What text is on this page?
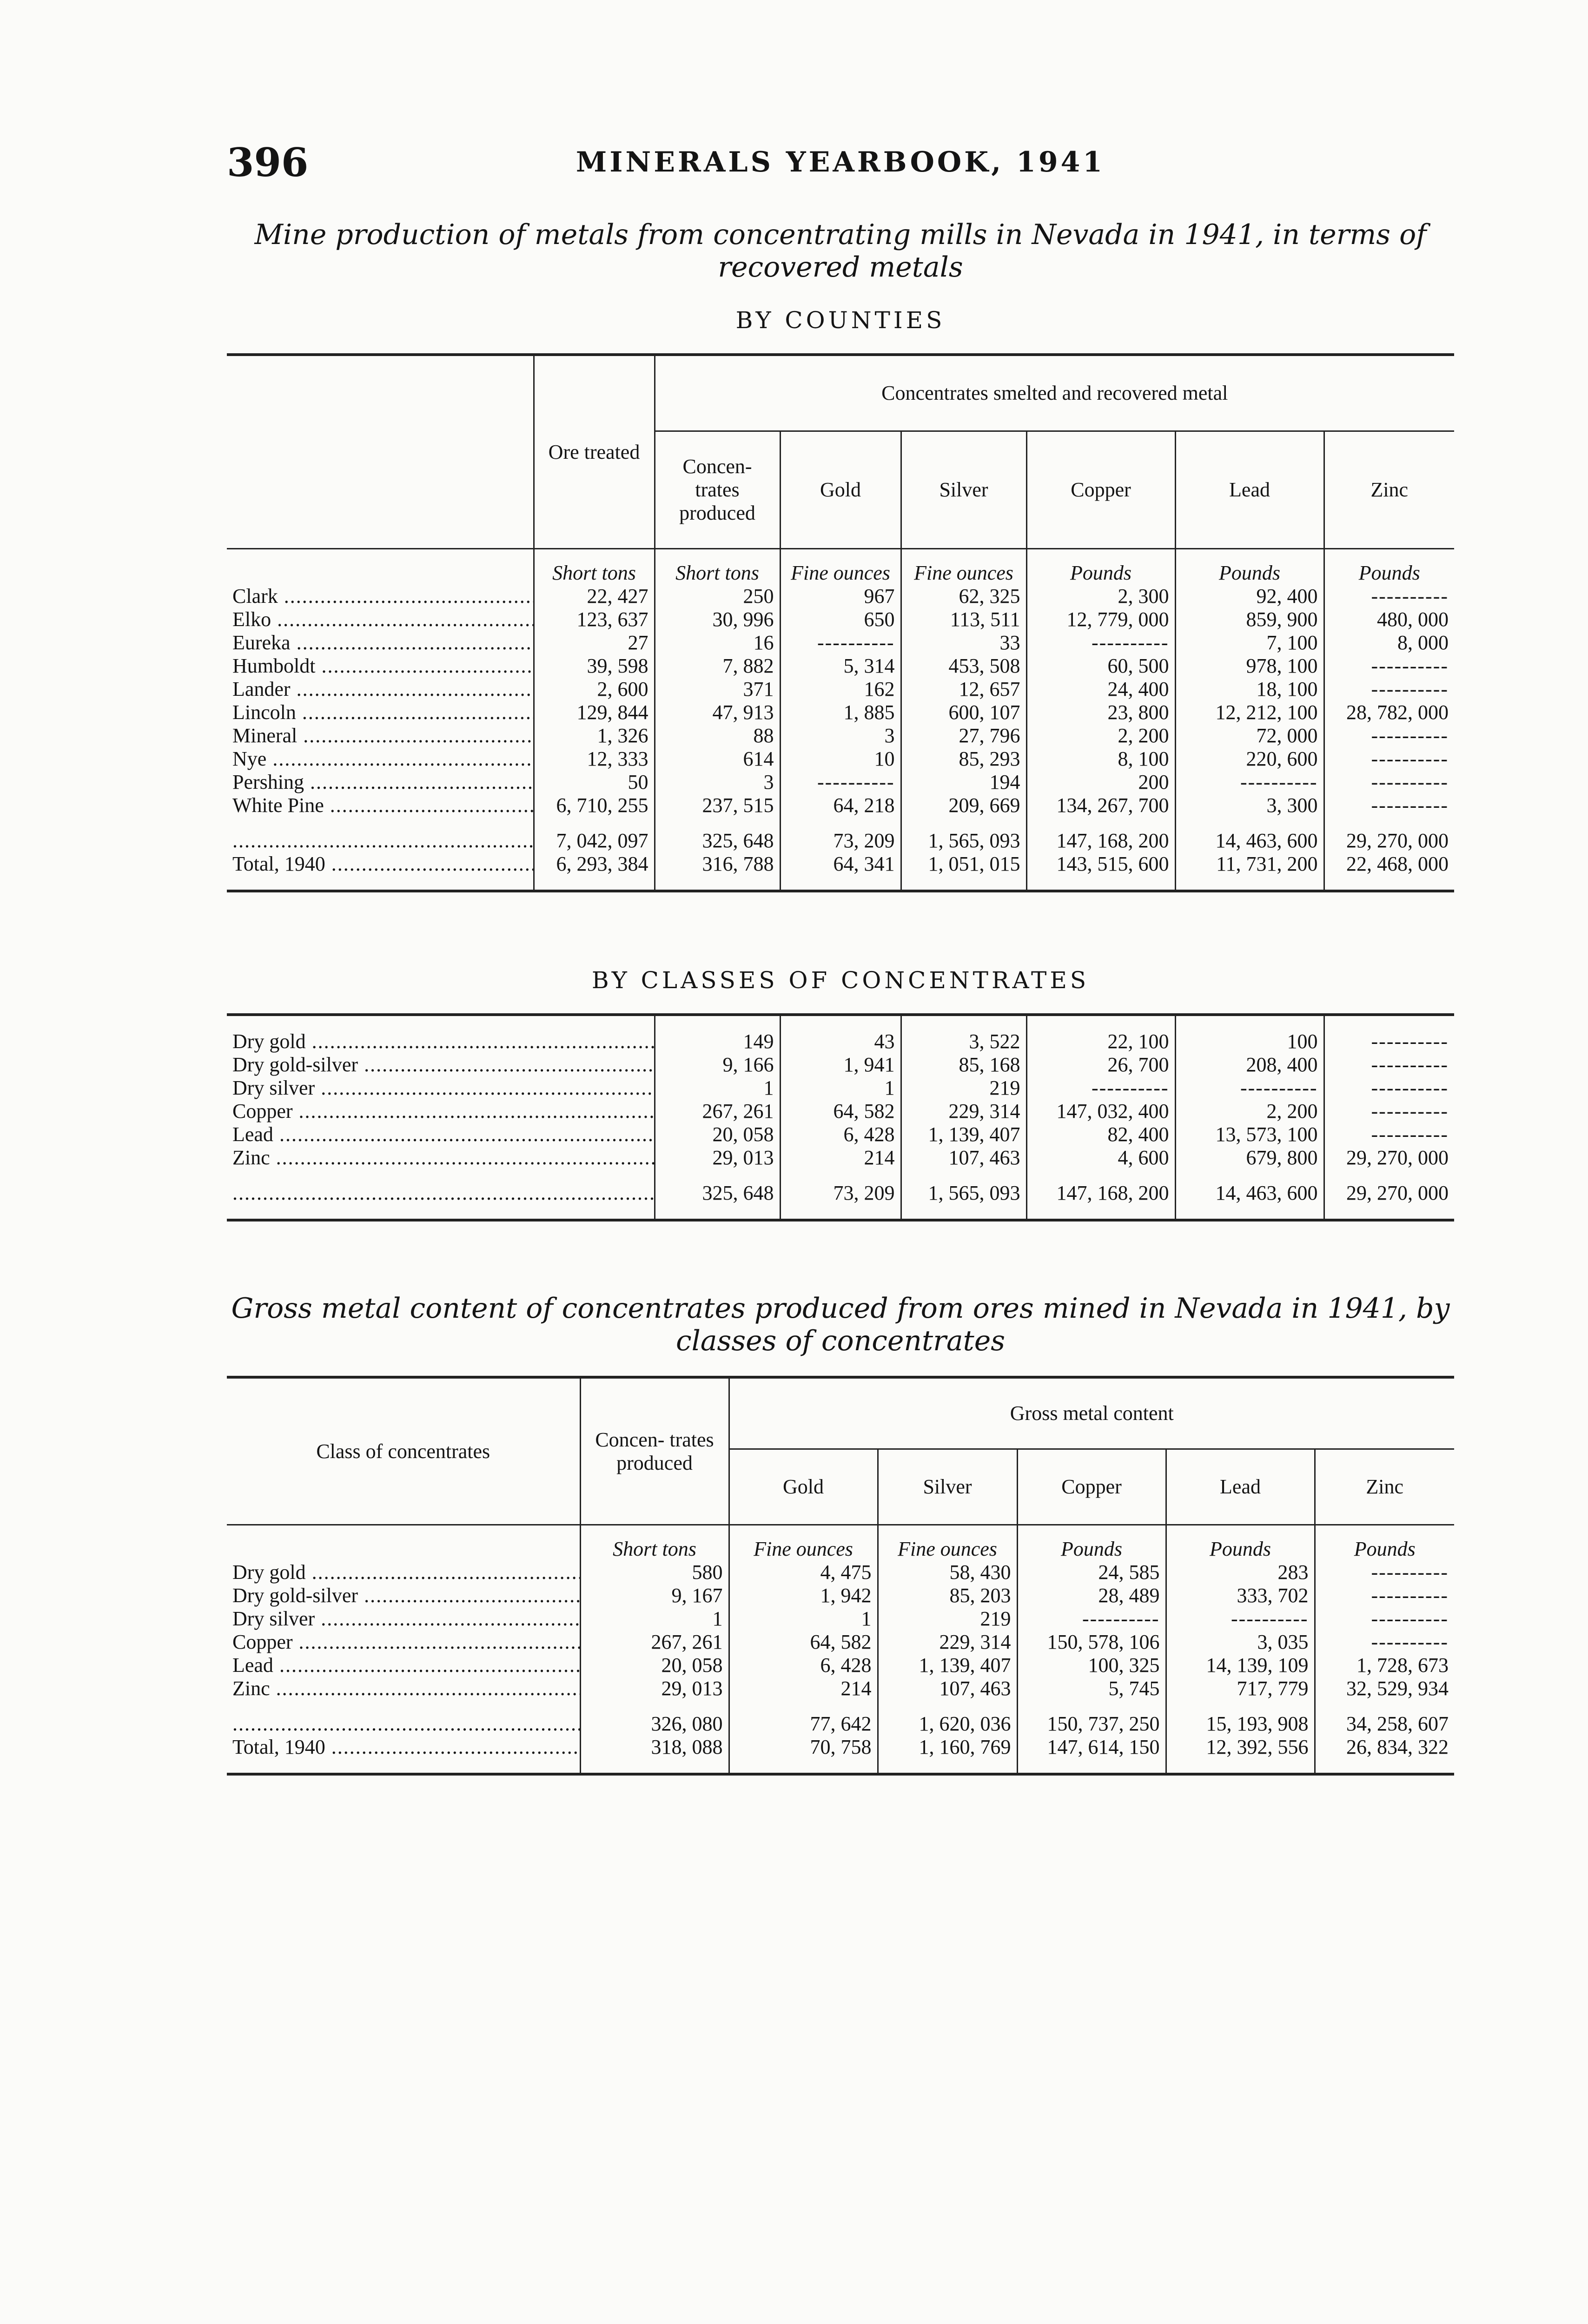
396	MINERALS YEARBOOK, 1941
Mine production of metals from concentrating mills in Nevada in 1941, in terms of
recovered metals
BY COUNTIES
	Ore treated	Concentrates smelted and recovered metal					
		Concen- trates produced	Gold	Silver	Copper	Lead	Zinc
	Short tons	Short tons	Fine ounces	Fine ounces	Pounds	Pounds	Pounds
Clark .....	22, 427	250	967	62, 325	2, 300	92, 400	----------
Elko .....	123, 637	30, 996	650	113, 511	12, 779, 000	859, 900	480, 000
Eureka .....	27	16	----------	33	----------	7, 100	8, 000
Humboldt .....	39, 598	7, 882	5, 314	453, 508	60, 500	978, 100	----------
Lander .....	2, 600	371	162	12, 657	24, 400	18, 100	----------
Lincoln .....	129, 844	47, 913	1, 885	600, 107	23, 800	12, 212, 100	28, 782, 000
Mineral .....	1, 326	88	3	27, 796	2, 200	72, 000	----------
Nye .....	12, 333	614	10	85, 293	8, 100	220, 600	----------
Pershing .....	50	3	----------	194	200	----------	----------
White Pine .....	6, 710, 255	237, 515	64, 218	209, 669	134, 267, 700	3, 300	----------
.....	7, 042, 097	325, 648	73, 209	1, 565, 093	147, 168, 200	14, 463, 600	29, 270, 000
Total, 1940 .....	6, 293, 384	316, 788	64, 341	1, 051, 015	143, 515, 600	11, 731, 200	22, 468, 000
BY CLASSES OF CONCENTRATES

Dry gold .....	149	43	3, 522	22, 100	100	----------
Dry gold-silver .....	9, 166	1, 941	85, 168	26, 700	208, 400	----------
Dry silver .....	1	1	219	----------	----------	----------
Copper .....	267, 261	64, 582	229, 314	147, 032, 400	2, 200	----------
Lead .....	20, 058	6, 428	1, 139, 407	82, 400	13, 573, 100	----------
Zinc .....	29, 013	214	107, 463	4, 600	679, 800	29, 270, 000
.....	325, 648	73, 209	1, 565, 093	147, 168, 200	14, 463, 600	29, 270, 000
Gross metal content of concentrates produced from ores mined in Nevada in 1941, by
classes of concentrates
Class of concentrates	Concen- trates produced	Gross metal content				
		Gold	Silver	Copper	Lead	Zinc
	Short tons	Fine ounces	Fine ounces	Pounds	Pounds	Pounds
Dry gold .....	580	4, 475	58, 430	24, 585	283	----------
Dry gold-silver .....	9, 167	1, 942	85, 203	28, 489	333, 702	----------
Dry silver .....	1	1	219	----------	----------	----------
Copper .....	267, 261	64, 582	229, 314	150, 578, 106	3, 035	----------
Lead .....	20, 058	6, 428	1, 139, 407	100, 325	14, 139, 109	1, 728, 673
Zinc .....	29, 013	214	107, 463	5, 745	717, 779	32, 529, 934
.....	326, 080	77, 642	1, 620, 036	150, 737, 250	15, 193, 908	34, 258, 607
Total, 1940 .....	318, 088	70, 758	1, 160, 769	147, 614, 150	12, 392, 556	26, 834, 322
